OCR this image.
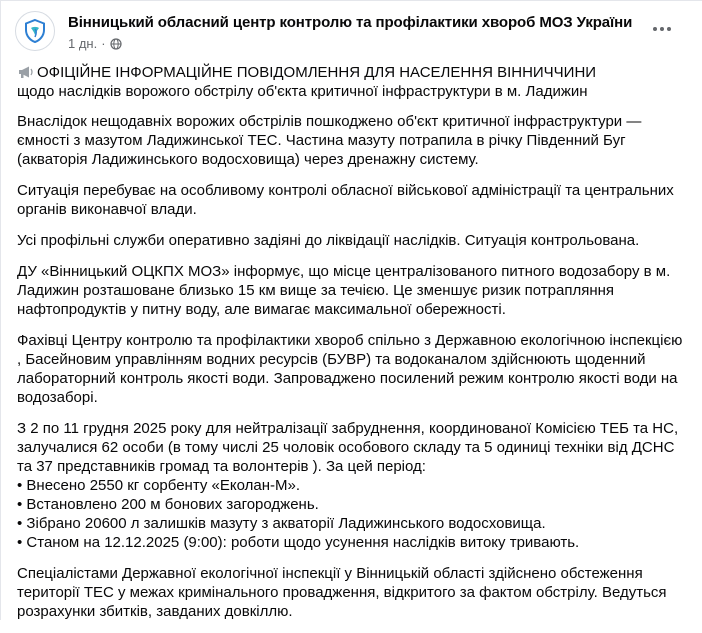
Вінницький обласний центр контролю та профілактики хвороб МОЗ України
1 дн. ·

ОФІЦІЙНЕ ІНФОРМАЦІЙНЕ ПОВІДОМЛЕННЯ ДЛЯ НАСЕЛЕННЯ ВІННИЧЧИНИ
щодо наслідків ворожого обстрілу об'єкта критичної інфраструктури в м. Ладижин

Внаслідок нещодавніх ворожих обстрілів пошкоджено об'єкт критичної інфраструктури — ємності з мазутом Ладижинської ТЕС. Частина мазуту потрапила в річку Південний Буг (акваторія Ладижинського водосховища) через дренажну систему.

Ситуація перебуває на особливому контролі обласної військової адміністрації та центральних органів виконавчої влади.

Усі профільні служби оперативно задіяні до ліквідації наслідків. Ситуація контрольована.

ДУ «Вінницький ОЦКПХ МОЗ» інформує, що місце централізованого питного водозабору в м. Ладижин розташоване близько 15 км вище за течією. Це зменшує ризик потрапляння нафтопродуктів у питну воду, але вимагає максимальної обережності.

Фахівці Центру контролю та профілактики хвороб спільно з Державною екологічною інспекцією , Басейновим управлінням водних ресурсів (БУВР) та водоканалом здійснюють щоденний лабораторний контроль якості води. Запроваджено посилений режим контролю якості води на водозаборі.

З 2 по 11 грудня 2025 року для нейтралізації забруднення, координованої Комісією ТЕБ та НС, залучалися 62 особи (в тому числі 25 чоловік особового складу та 5 одиниці техніки від ДСНС та 37 представників громад та волонтерів ). За цей період:

• Внесено 2550 кг сорбенту «Еколан-М».
• Встановлено 200 м бонових загороджень.
• Зібрано 20600 л залишків мазуту з акваторії Ладижинського водосховища.
• Станом на 12.12.2025 (9:00): роботи щодо усунення наслідків витоку тривають.

Спеціалістами Державної екологічної інспекції у Вінницькій області здійснено обстеження території ТЕС у межах кримінального провадження, відкритого за фактом обстрілу. Ведуться розрахунки збитків, завданих довкіллю.
